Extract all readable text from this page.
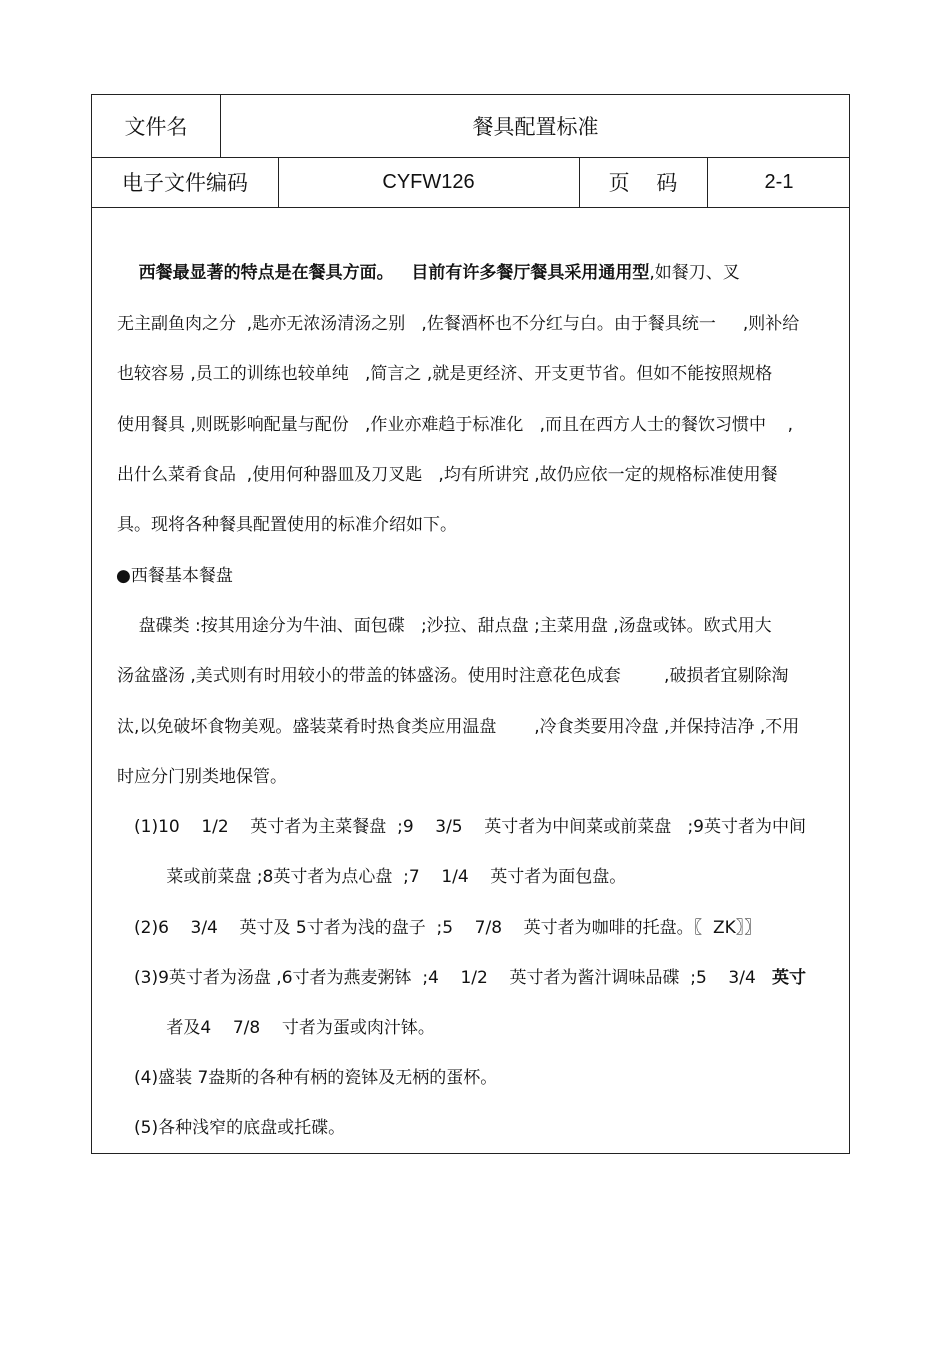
文件名	餐具配置标准
电子文件编码	CYFW126	页    码	2-1
西餐最显著的特点是在餐具方面。   目前有许多餐厅餐具采用通用型,如餐刀、叉
无主副鱼肉之分  ,匙亦无浓汤清汤之别   ,佐餐酒杯也不分红与白。由于餐具统一     ,则补给
也较容易 ,员工的训练也较单纯   ,简言之 ,就是更经济、开支更节省。但如不能按照规格
使用餐具 ,则既影响配量与配份   ,作业亦难趋于标准化   ,而且在西方人士的餐饮习惯中    ,
出什么菜肴食品  ,使用何种器皿及刀叉匙   ,均有所讲究 ,故仍应依一定的规格标准使用餐
具。现将各种餐具配置使用的标准介绍如下。
●西餐基本餐盘
盘碟类 :按其用途分为牛油、面包碟   ;沙拉、甜点盘 ;主菜用盘 ,汤盘或钵。欧式用大
汤盆盛汤 ,美式则有时用较小的带盖的钵盛汤。使用时注意花色成套        ,破损者宜剔除淘
汰,以免破坏食物美观。盛装菜肴时热食类应用温盘       ,冷食类要用冷盘 ,并保持洁净 ,不用
时应分门别类地保管。
(1)10    1/2    英寸者为主菜餐盘  ;9    3/5    英寸者为中间菜或前菜盘   ;9英寸者为中间
菜或前菜盘 ;8英寸者为点心盘  ;7    1/4    英寸者为面包盘。
(2)6    3/4    英寸及 5寸者为浅的盘子  ;5    7/8    英寸者为咖啡的托盘。〖  ZK〗〗
(3)9英寸者为汤盘 ,6寸者为燕麦粥钵  ;4    1/2    英寸者为酱汁调味品碟  ;5    3/4   英寸
者及4    7/8    寸者为蛋或肉汁钵。
(4)盛装 7盎斯的各种有柄的瓷钵及无柄的蛋杯。
(5)各种浅窄的底盘或托碟。
